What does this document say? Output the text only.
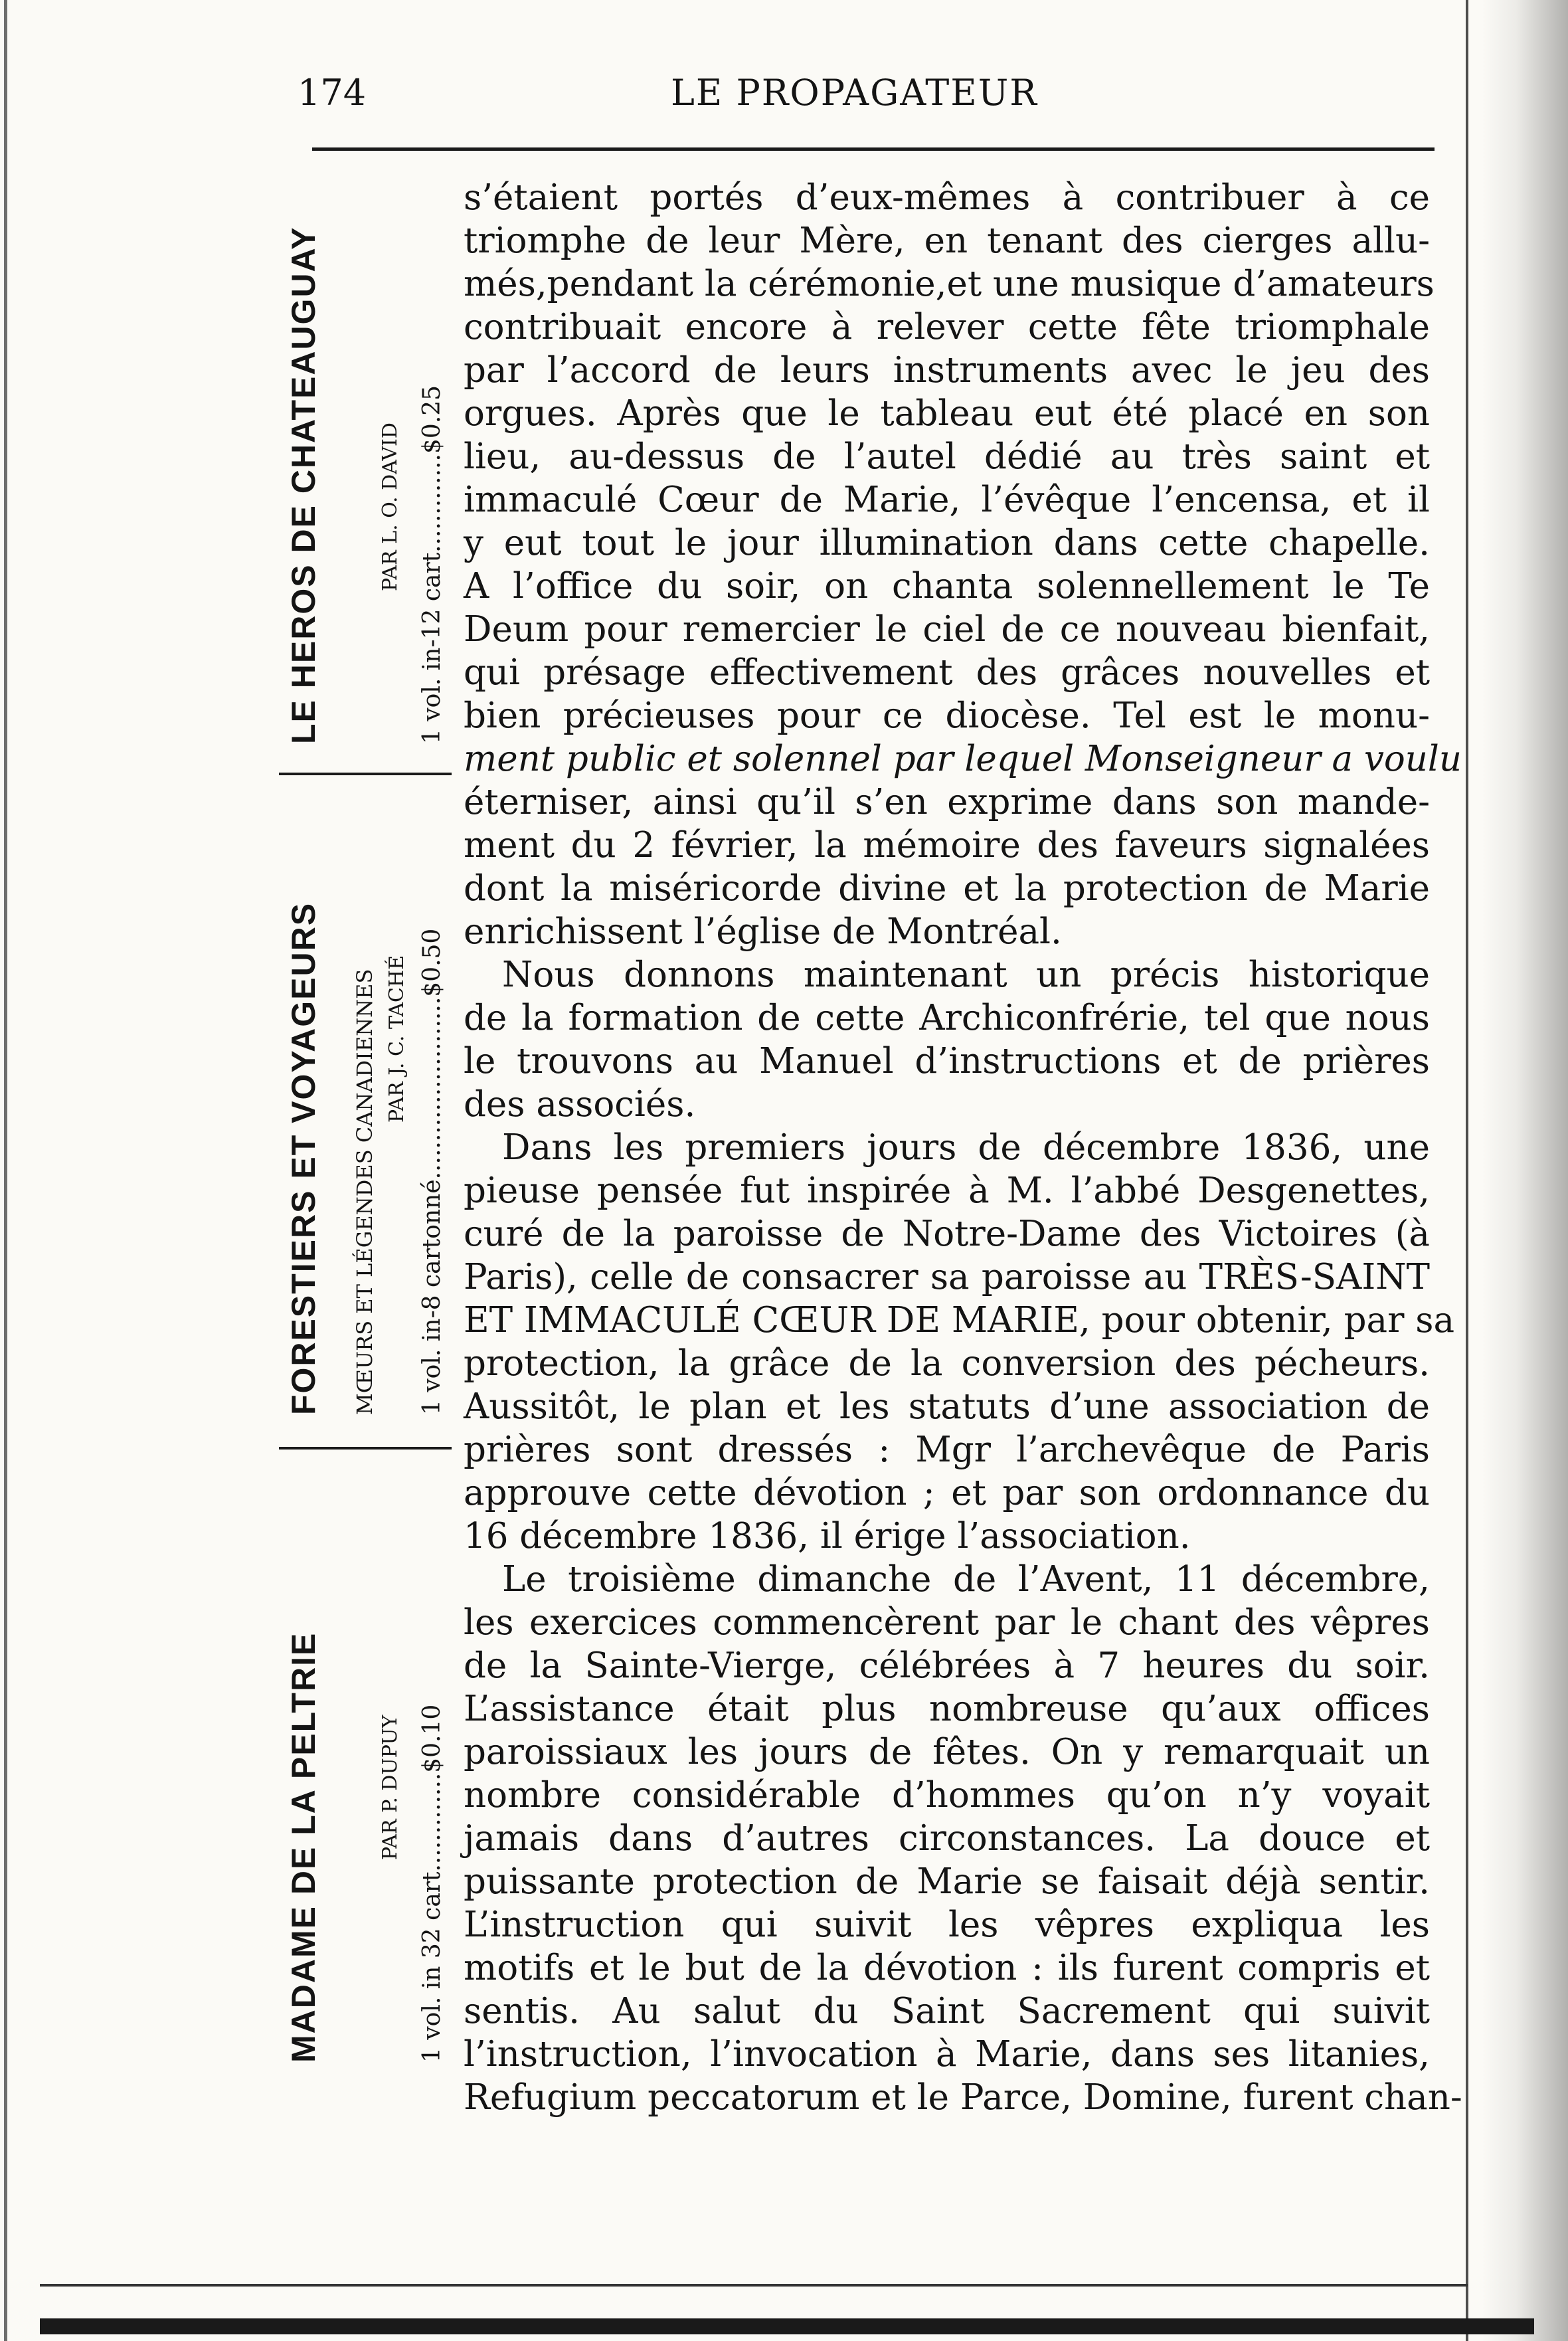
174	LE PROPAGATEUR
MADAME DE LA PELTRIE	PAR P. DUPUY 1 vol. in 32 cart.............$0.10
FORESTIERS ET VOYAGEURS MŒURS ET LÉGENDES CANADIENNES PAR J. C. TACHÉ 1 vol. in-8 cartonné........................$0.50
LE HEROS DE CHATEAUGUAY	PAR L. O. DAVID 1 vol. in-12 cart.............$0.25
s’étaient portés d’eux-mêmes à contribuer à ce
triomphe de leur Mère, en tenant des cierges allu-
més,pendant la cérémonie,et une musique d’amateurs
contribuait encore à relever cette fête triomphale
par l’accord de leurs instruments avec le jeu des
orgues. Après que le tableau eut été placé en son
lieu, au-dessus de l’autel dédié au très saint et
immaculé Cœur de Marie, l’évêque l’encensa, et il
y eut tout le jour illumination dans cette chapelle.
A l’office du soir, on chanta solennellement le Te
Deum pour remercier le ciel de ce nouveau bienfait,
qui présage effectivement des grâces nouvelles et
bien précieuses pour ce diocèse. Tel est le monu-
ment public et solennel par lequel Monseigneur a voulu
éterniser, ainsi qu’il s’en exprime dans son mande-
ment du 2 février, la mémoire des faveurs signalées
dont la miséricorde divine et la protection de Marie
enrichissent l’église de Montréal.
Nous donnons maintenant un précis historique
de la formation de cette Archiconfrérie, tel que nous
le trouvons au Manuel d’instructions et de prières
des associés.
Dans les premiers jours de décembre 1836, une
pieuse pensée fut inspirée à M. l’abbé Desgenettes,
curé de la paroisse de Notre-Dame des Victoires (à
Paris), celle de consacrer sa paroisse au TRÈS-SAINT
ET IMMACULÉ CŒUR DE MARIE, pour obtenir, par sa
protection, la grâce de la conversion des pécheurs.
Aussitôt, le plan et les statuts d’une association de
prières sont dressés : Mgr l’archevêque de Paris
approuve cette dévotion ; et par son ordonnance du
16 décembre 1836, il érige l’association.
Le troisième dimanche de l’Avent, 11 décembre,
les exercices commencèrent par le chant des vêpres
de la Sainte-Vierge, célébrées à 7 heures du soir.
L’assistance était plus nombreuse qu’aux offices
paroissiaux les jours de fêtes. On y remarquait un
nombre considérable d’hommes qu’on n’y voyait
jamais dans d’autres circonstances. La douce et
puissante protection de Marie se faisait déjà sentir.
L’instruction qui suivit les vêpres expliqua les
motifs et le but de la dévotion : ils furent compris et
sentis. Au salut du Saint Sacrement qui suivit
l’instruction, l’invocation à Marie, dans ses litanies,
Refugium peccatorum et le Parce, Domine, furent chan-
